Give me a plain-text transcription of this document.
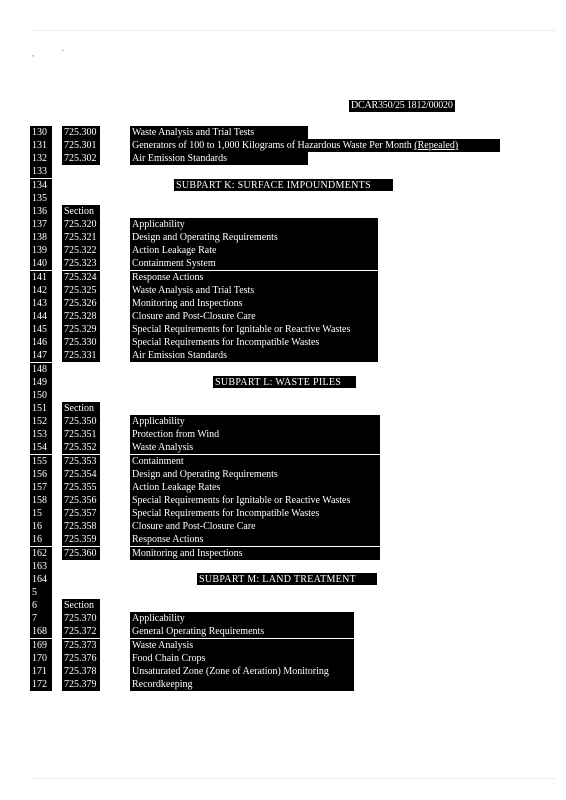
,	'
DCAR350/25 1812/00020
130	725.300	Waste Analysis and Trial Tests
131	725.301	Generators of 100 to 1,000 Kilograms of Hazardous Waste Per Month (Repealed)
132	725.302	Air Emission Standards
133
134	SUBPART K: SURFACE IMPOUNDMENTS
135
136	Section
137	725.320	Applicability
138	725.321	Design and Operating Requirements
139	725.322	Action Leakage Rate
140	725.323	Containment System
141	725.324	Response Actions
142	725.325	Waste Analysis and Trial Tests
143	725.326	Monitoring and Inspections
144	725.328	Closure and Post-Closure Care
145	725.329	Special Requirements for Ignitable or Reactive Wastes
146	725.330	Special Requirements for Incompatible Wastes
147	725.331	Air Emission Standards
148
149	SUBPART L: WASTE PILES
150
151	Section
152	725.350	Applicability
153	725.351	Protection from Wind
154	725.352	Waste Analysis
155	725.353	Containment
156	725.354	Design and Operating Requirements
157	725.355	Action Leakage Rates
158	725.356	Special Requirements for Ignitable or Reactive Wastes
15	725.357	Special Requirements for Incompatible Wastes
16	725.358	Closure and Post-Closure Care
16	725.359	Response Actions
162	725.360	Monitoring and Inspections
163
164	SUBPART M: LAND TREATMENT
5
6	Section
7	725.370	Applicability
168	725.372	General Operating Requirements
169	725.373	Waste Analysis
170	725.376	Food Chain Crops
171	725.378	Unsaturated Zone (Zone of Aeration) Monitoring
172	725.379	Recordkeeping
